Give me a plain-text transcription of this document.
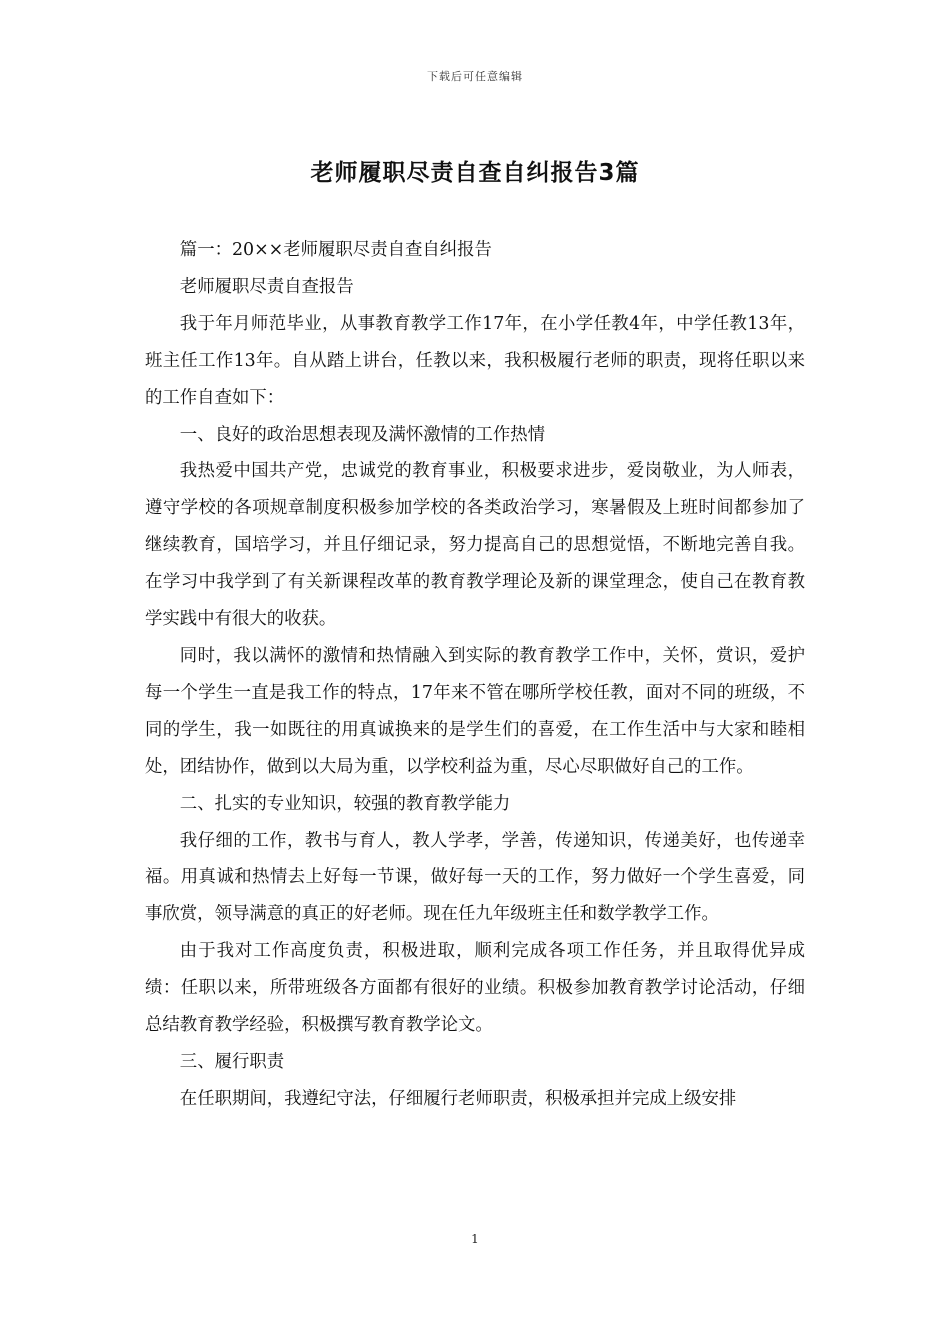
下载后可任意编辑
老师履职尽责自查自纠报告3篇

篇一：20××老师履职尽责自查自纠报告

老师履职尽责自查报告

我于年月师范毕业，从事教育教学工作17年，在小学任教4年，中学任教13年，班主任工作13年。自从踏上讲台，任教以来，我积极履行老师的职责，现将任职以来的工作自查如下：

一、良好的政治思想表现及满怀激情的工作热情

我热爱中国共产党，忠诚党的教育事业，积极要求进步，爱岗敬业，为人师表，遵守学校的各项规章制度积极参加学校的各类政治学习，寒暑假及上班时间都参加了继续教育，国培学习，并且仔细记录，努力提高自己的思想觉悟，不断地完善自我。在学习中我学到了有关新课程改革的教育教学理论及新的课堂理念，使自己在教育教学实践中有很大的收获。

同时，我以满怀的激情和热情融入到实际的教育教学工作中，关怀，赏识，爱护每一个学生一直是我工作的特点，17年来不管在哪所学校任教，面对不同的班级，不同的学生，我一如既往的用真诚换来的是学生们的喜爱，在工作生活中与大家和睦相处，团结协作，做到以大局为重，以学校利益为重，尽心尽职做好自己的工作。

二、扎实的专业知识，较强的教育教学能力

我仔细的工作，教书与育人，教人学孝，学善，传递知识，传递美好，也传递幸福。用真诚和热情去上好每一节课，做好每一天的工作，努力做好一个学生喜爱，同事欣赏，领导满意的真正的好老师。现在任九年级班主任和数学教学工作。

由于我对工作高度负责，积极进取，顺利完成各项工作任务，并且取得优异成绩：任职以来，所带班级各方面都有很好的业绩。积极参加教育教学讨论活动，仔细总结教育教学经验，积极撰写教育教学论文。

三、履行职责

在任职期间，我遵纪守法，仔细履行老师职责，积极承担并完成上级安排

1
